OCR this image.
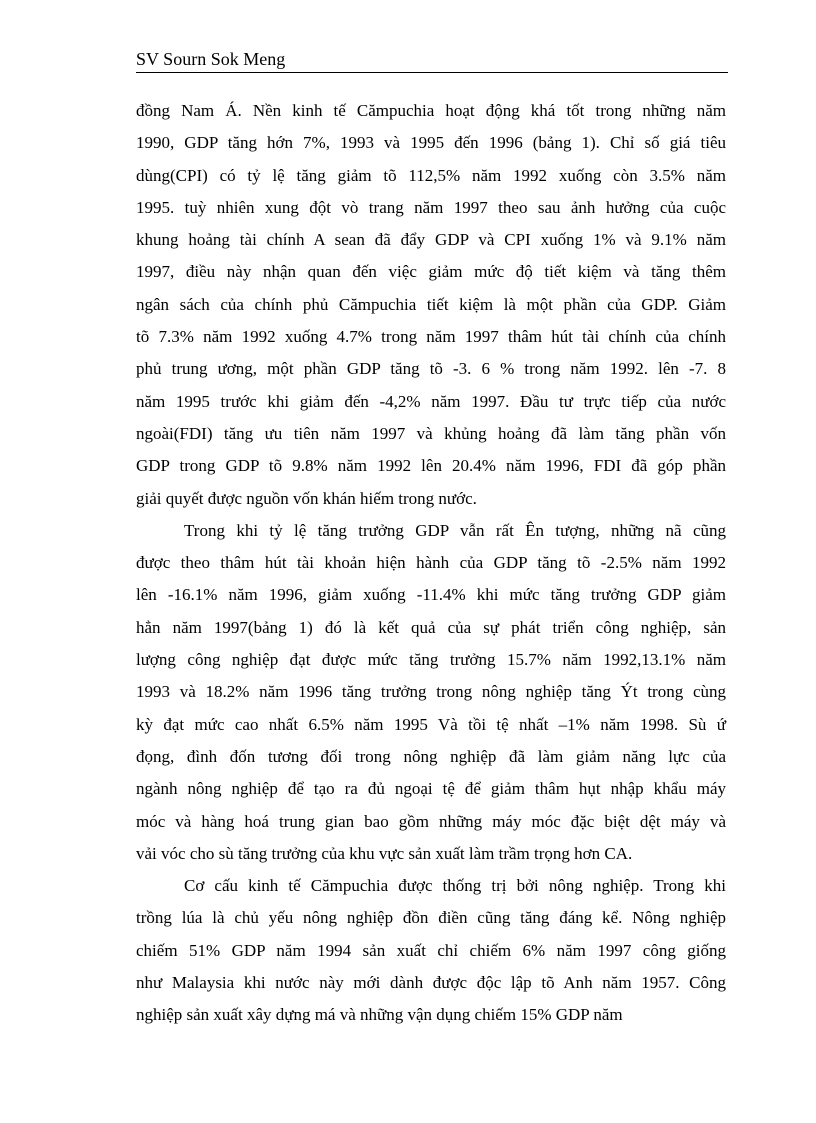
SV Sourn Sok Meng
đồng Nam Á. Nền kinh tế Cămpuchia hoạt động khá tốt trong những năm
1990, GDP tăng hớn 7%, 1993 và 1995 đến 1996 (bảng 1). Chỉ số giá tiêu
dùng(CPI) có tỷ lệ tăng giảm tõ 112,5% năm 1992 xuống còn 3.5% năm
1995. tuỳ nhiên xung đột vò trang năm 1997 theo sau ảnh hưởng của cuộc
khung hoảng tài chính A sean đã đẩy GDP và CPI xuống 1% và 9.1% năm
1997, điều này nhận quan đến việc giảm mức độ tiết kiệm và tăng thêm
ngân sách của chính phủ Cămpuchia tiết kiệm là một phần của GDP. Giảm
tõ 7.3% năm 1992 xuống 4.7% trong năm 1997 thâm hút tài chính của chính
phủ trung ương, một phần GDP tăng tõ -3. 6 % trong năm 1992. lên -7. 8
năm 1995 trước khi giảm đến -4,2% năm 1997. Đầu tư trực tiếp của nước
ngoài(FDI) tăng ưu tiên năm 1997 và khủng hoảng đã làm tăng phần vốn
GDP trong GDP tõ 9.8% năm 1992 lên 20.4% năm 1996, FDI đã góp phần
giải quyết được nguồn vốn khán hiếm trong nước.
Trong khi tỷ lệ tăng trưởng GDP vẫn rất Ên tượng, những nã cũng
được theo thâm hút tài khoản hiện hành của GDP tăng tõ -2.5% năm 1992
lên -16.1% năm 1996, giảm xuống -11.4% khi mức tăng trưởng GDP giảm
hẳn năm 1997(bảng 1) đó là kết quả của sự phát triển công nghiệp, sản
lượng công nghiệp đạt được mức tăng trưởng 15.7% năm 1992,13.1% năm
1993 và 18.2% năm 1996 tăng trưởng trong nông nghiệp tăng Ýt trong cùng
kỳ đạt mức cao nhất 6.5% năm 1995 Và tồi tệ nhất –1% năm 1998. Sù ứ
đọng, đình đốn tương đối trong nông nghiệp đã làm giảm năng lực của
ngành nông nghiệp để tạo ra đủ ngoại tệ để giảm thâm hụt nhập khẩu máy
móc và hàng hoá trung gian bao gồm những máy móc đặc biệt dệt máy và
vải vóc cho sù tăng trưởng của khu vực sản xuất làm trầm trọng hơn CA.
Cơ cấu kinh tế Cămpuchia được thống trị bởi nông nghiệp. Trong khi
trồng lúa là chủ yếu nông nghiệp đồn điền cũng tăng đáng kể. Nông nghiệp
chiếm 51% GDP năm 1994 sản xuất chỉ chiếm 6% năm 1997 công giống
như Malaysia khi nước này mới dành được độc lập tõ Anh năm 1957. Công
nghiệp sản xuất xây dựng má và những vận dụng chiếm 15% GDP năm
